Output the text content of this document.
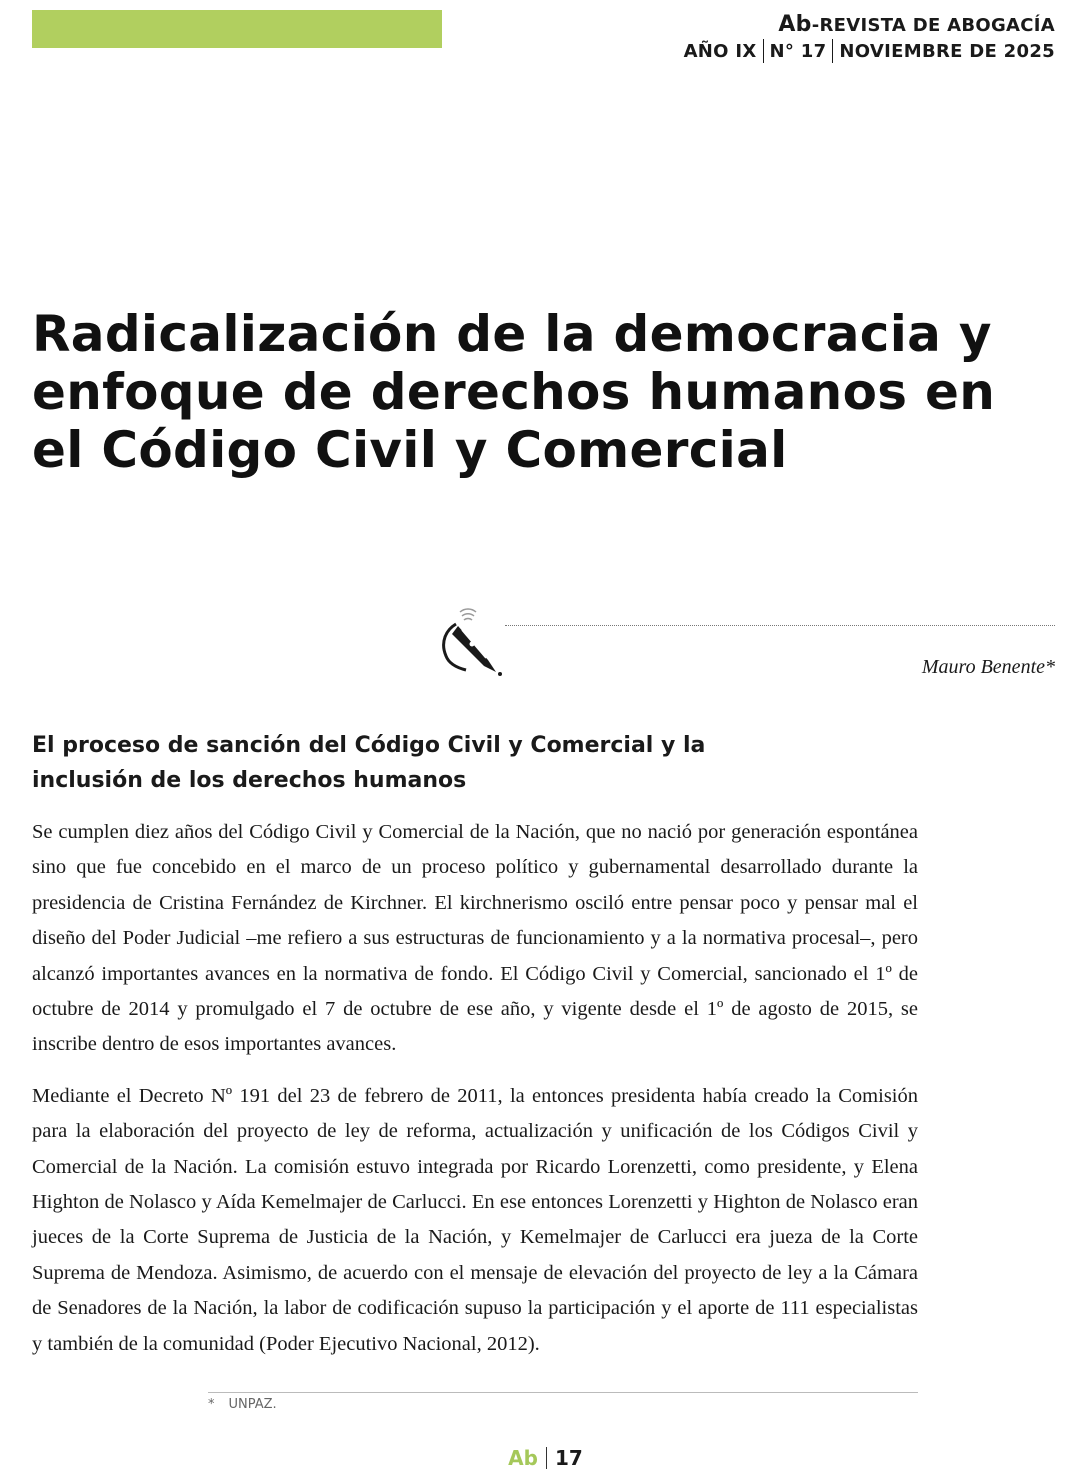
Ab-REVISTA DE ABOGACÍA
AÑO IX N° 17 NOVIEMBRE DE 2025
Radicalización de la democracia y enfoque de derechos humanos en el Código Civil y Comercial
Mauro Benente*
El proceso de sanción del Código Civil y Comercial y la inclusión de los derechos humanos

Se cumplen diez años del Código Civil y Comercial de la Nación, que no nació por generación espontánea sino que fue concebido en el marco de un proceso político y gubernamental desarrollado durante la presidencia de Cristina Fernández de Kirchner. El kirchnerismo osciló entre pensar poco y pensar mal el diseño del Poder Judicial –me refiero a sus estructuras de funcionamiento y a la normativa procesal–, pero alcanzó importantes avances en la normativa de fondo. El Código Civil y Comercial, sancionado el 1º de octubre de 2014 y promulgado el 7 de octubre de ese año, y vigente desde el 1º de agosto de 2015, se inscribe dentro de esos importantes avances.

Mediante el Decreto Nº 191 del 23 de febrero de 2011, la entonces presidenta había creado la Comisión para la elaboración del proyecto de ley de reforma, actualización y unificación de los Códigos Civil y Comercial de la Nación. La comisión estuvo integrada por Ricardo Lorenzetti, como presidente, y Elena Highton de Nolasco y Aída Kemelmajer de Carlucci. En ese entonces Lorenzetti y Highton de Nolasco eran jueces de la Corte Suprema de Justicia de la Nación, y Kemelmajer de Carlucci era jueza de la Corte Suprema de Mendoza. Asimismo, de acuerdo con el mensaje de elevación del proyecto de ley a la Cámara de Senadores de la Nación, la labor de codificación supuso la participación y el aporte de 111 especialistas y también de la comunidad (Poder Ejecutivo Nacional, 2012).

* UNPAZ.
Ab 17
